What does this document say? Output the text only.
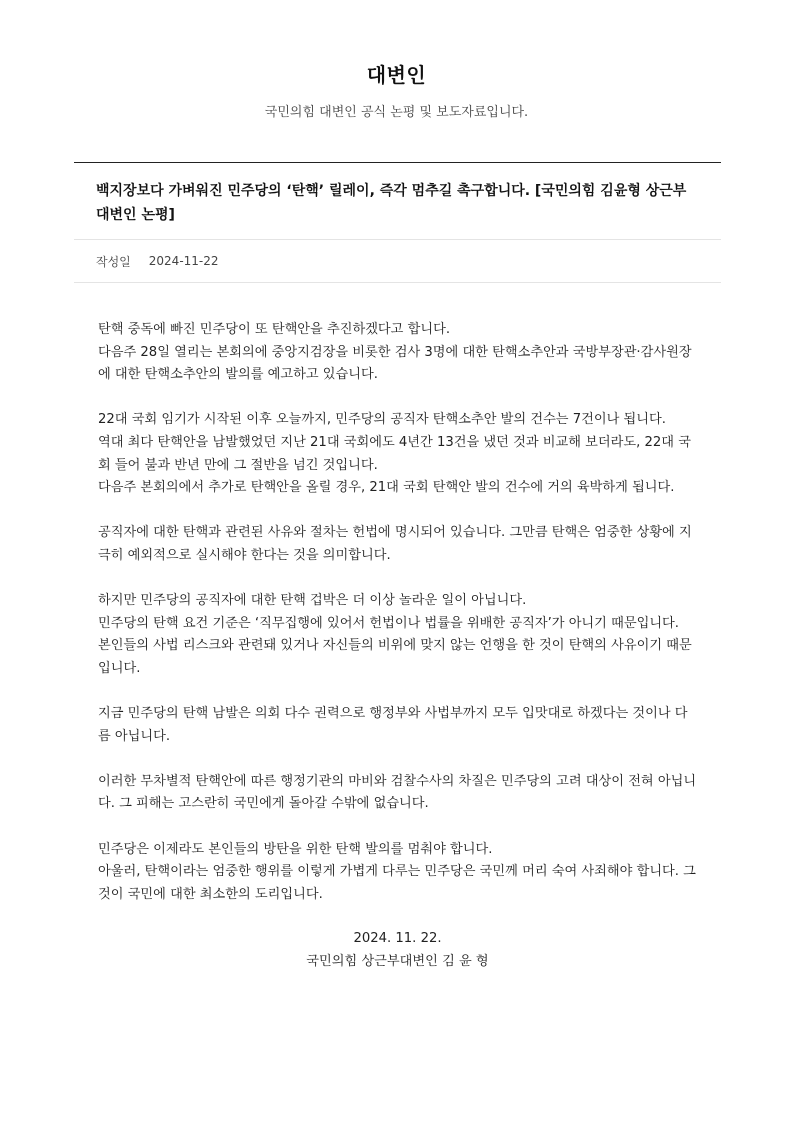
대변인
국민의힘 대변인 공식 논평 및 보도자료입니다.
백지장보다 가벼워진 민주당의 ‘탄핵’ 릴레이, 즉각 멈추길 촉구합니다. [국민의힘 김윤형 상근부대변인 논평]
작성일 2024-11-22

탄핵 중독에 빠진 민주당이 또 탄핵안을 추진하겠다고 합니다.
다음주 28일 열리는 본회의에 중앙지검장을 비롯한 검사 3명에 대한 탄핵소추안과 국방부장관·감사원장에 대한 탄핵소추안의 발의를 예고하고 있습니다.

22대 국회 임기가 시작된 이후 오늘까지, 민주당의 공직자 탄핵소추안 발의 건수는 7건이나 됩니다.
역대 최다 탄핵안을 남발했었던 지난 21대 국회에도 4년간 13건을 냈던 것과 비교해 보더라도, 22대 국회 들어 불과 반년 만에 그 절반을 넘긴 것입니다.
다음주 본회의에서 추가로 탄핵안을 올릴 경우, 21대 국회 탄핵안 발의 건수에 거의 육박하게 됩니다.

공직자에 대한 탄핵과 관련된 사유와 절차는 헌법에 명시되어 있습니다. 그만큼 탄핵은 엄중한 상황에 지극히 예외적으로 실시해야 한다는 것을 의미합니다.

하지만 민주당의 공직자에 대한 탄핵 겁박은 더 이상 놀라운 일이 아닙니다.
민주당의 탄핵 요건 기준은 ‘직무집행에 있어서 헌법이나 법률을 위배한 공직자’가 아니기 때문입니다.
본인들의 사법 리스크와 관련돼 있거나 자신들의 비위에 맞지 않는 언행을 한 것이 탄핵의 사유이기 때문입니다.

지금 민주당의 탄핵 남발은 의회 다수 권력으로 행정부와 사법부까지 모두 입맛대로 하겠다는 것이나 다름 아닙니다.

이러한 무차별적 탄핵안에 따른 행정기관의 마비와 검찰수사의 차질은 민주당의 고려 대상이 전혀 아닙니다. 그 피해는 고스란히 국민에게 돌아갈 수밖에 없습니다.

민주당은 이제라도 본인들의 방탄을 위한 탄핵 발의를 멈춰야 합니다.
아울러, 탄핵이라는 엄중한 행위를 이렇게 가볍게 다루는 민주당은 국민께 머리 숙여 사죄해야 합니다. 그것이 국민에 대한 최소한의 도리입니다.

2024. 11. 22.
국민의힘 상근부대변인 김 윤 형
